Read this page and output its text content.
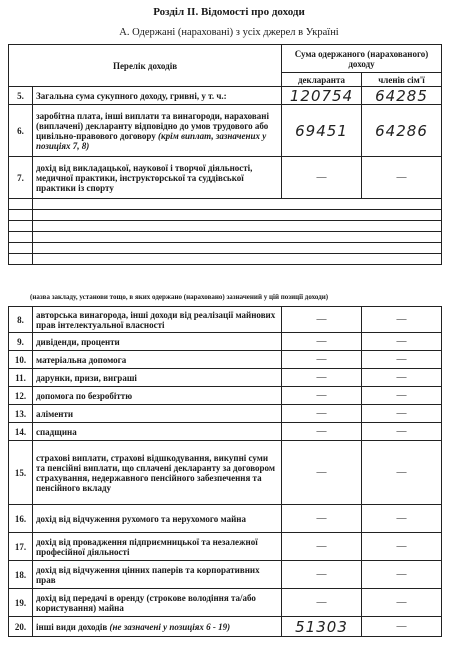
Розділ ІІ. Відомості про доходи
А. Одержані (нараховані) з усіх джерел в Україні
Перелік доходів		Сума одержаного (нарахованого) доходу	
		декларанта	членів сім'ї
5.	Загальна сума сукупного доходу, гривні, у т. ч.:	120754	64285
6.	заробітна плата, інші виплати та винагороди, нараховані (виплачені) декларанту відповідно до умов трудового або цивільно-правового договору (крім виплат, зазначених у позиціях 7, 8)	69451	64286
7.	дохід від викладацької, наукової і творчої діяльності, медичної практики, інструкторської та суддівської практики із спорту	—	—

(назва закладу, установи тощо, в яких одержано (нараховано) зазначений у цій позиції доходи)
8.	авторська винагорода, інші доходи від реалізації майнових прав інтелектуальної власності	—	—
9.	дивіденди, проценти	—	—
10.	матеріальна допомога	—	—
11.	дарунки, призи, виграші	—	—
12.	допомога по безробіттю	—	—
13.	аліменти	—	—
14.	спадщина	—	—
15.	страхові виплати, страхові відшкодування, викупні суми та пенсійні виплати, що сплачені декларанту за договором страхування, недержавного пенсійного забезпечення та пенсійного вкладу	—	—
16.	дохід від відчуження рухомого та нерухомого майна	—	—
17.	дохід від провадження підприємницької та незалежної професійної діяльності	—	—
18.	дохід від відчуження цінних паперів та корпоративних прав	—	—
19.	дохід від передачі в оренду (строкове володіння та/або користування) майна	—	—
20.	інші види доходів (не зазначені у позиціях 6 - 19)	51303	—
